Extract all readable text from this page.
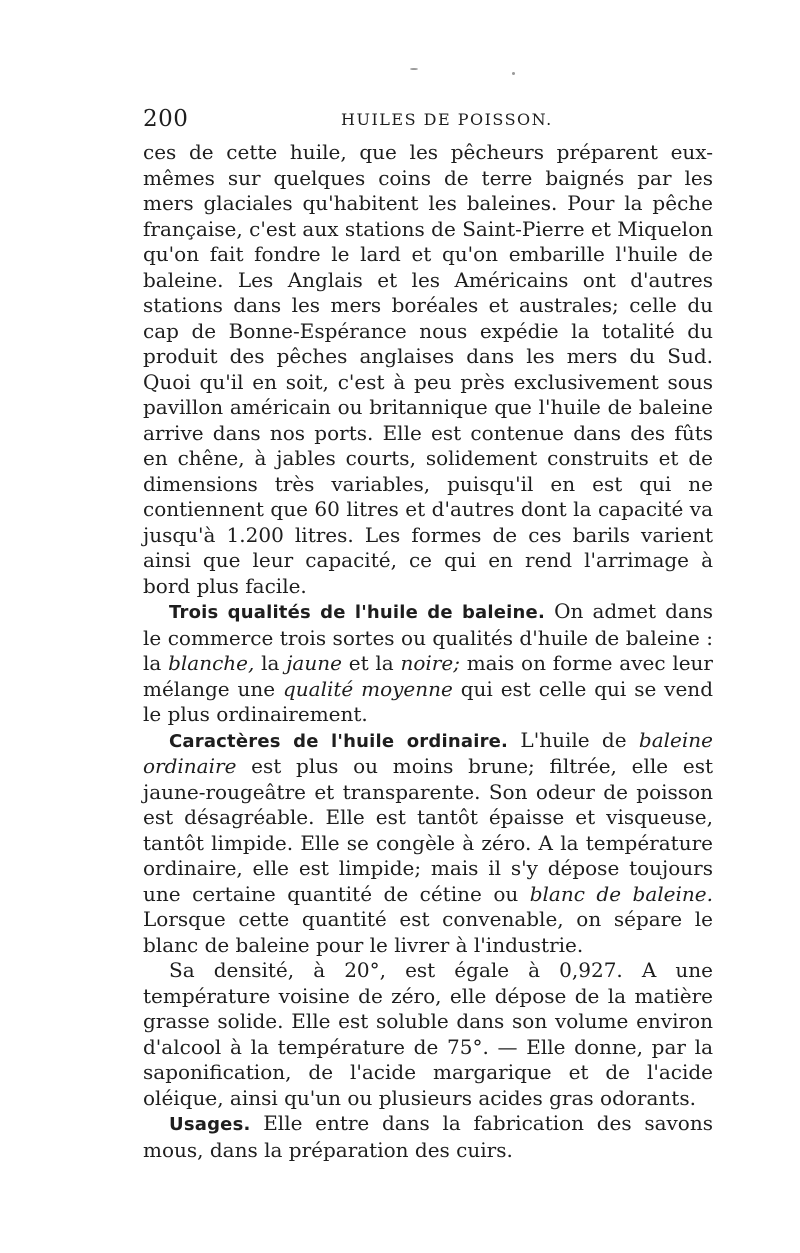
200	HUILES DE POISSON.

ces de cette huile, que les pêcheurs préparent eux-mêmes sur quelques coins de terre baignés par les mers glaciales qu'habitent les baleines. Pour la pêche française, c'est aux stations de Saint-Pierre et Miquelon qu'on fait fondre le lard et qu'on embarille l'huile de baleine. Les Anglais et les Américains ont d'autres stations dans les mers boréales et australes; celle du cap de Bonne-Espérance nous expédie la totalité du produit des pêches anglaises dans les mers du Sud. Quoi qu'il en soit, c'est à peu près exclusivement sous pavillon américain ou britannique que l'huile de baleine arrive dans nos ports. Elle est contenue dans des fûts en chêne, à jables courts, solidement construits et de dimensions très variables, puisqu'il en est qui ne contiennent que 60 litres et d'autres dont la capacité va jusqu'à 1.200 litres. Les formes de ces barils varient ainsi que leur capacité, ce qui en rend l'arrimage à bord plus facile.

Trois qualités de l'huile de baleine. On admet dans le commerce trois sortes ou qualités d'huile de baleine : la blanche, la jaune et la noire; mais on forme avec leur mélange une qualité moyenne qui est celle qui se vend le plus ordinairement.

Caractères de l'huile ordinaire. L'huile de baleine ordinaire est plus ou moins brune; filtrée, elle est jaune-rougeâtre et transparente. Son odeur de poisson est désagréable. Elle est tantôt épaisse et visqueuse, tantôt limpide. Elle se congèle à zéro. A la température ordinaire, elle est limpide; mais il s'y dépose toujours une certaine quantité de cétine ou blanc de baleine. Lorsque cette quantité est convenable, on sépare le blanc de baleine pour le livrer à l'industrie.

Sa densité, à 20°, est égale à 0,927. A une température voisine de zéro, elle dépose de la matière grasse solide. Elle est soluble dans son volume environ d'alcool à la température de 75°. — Elle donne, par la saponification, de l'acide margarique et de l'acide oléique, ainsi qu'un ou plusieurs acides gras odorants.

Usages. Elle entre dans la fabrication des savons mous, dans la préparation des cuirs.
